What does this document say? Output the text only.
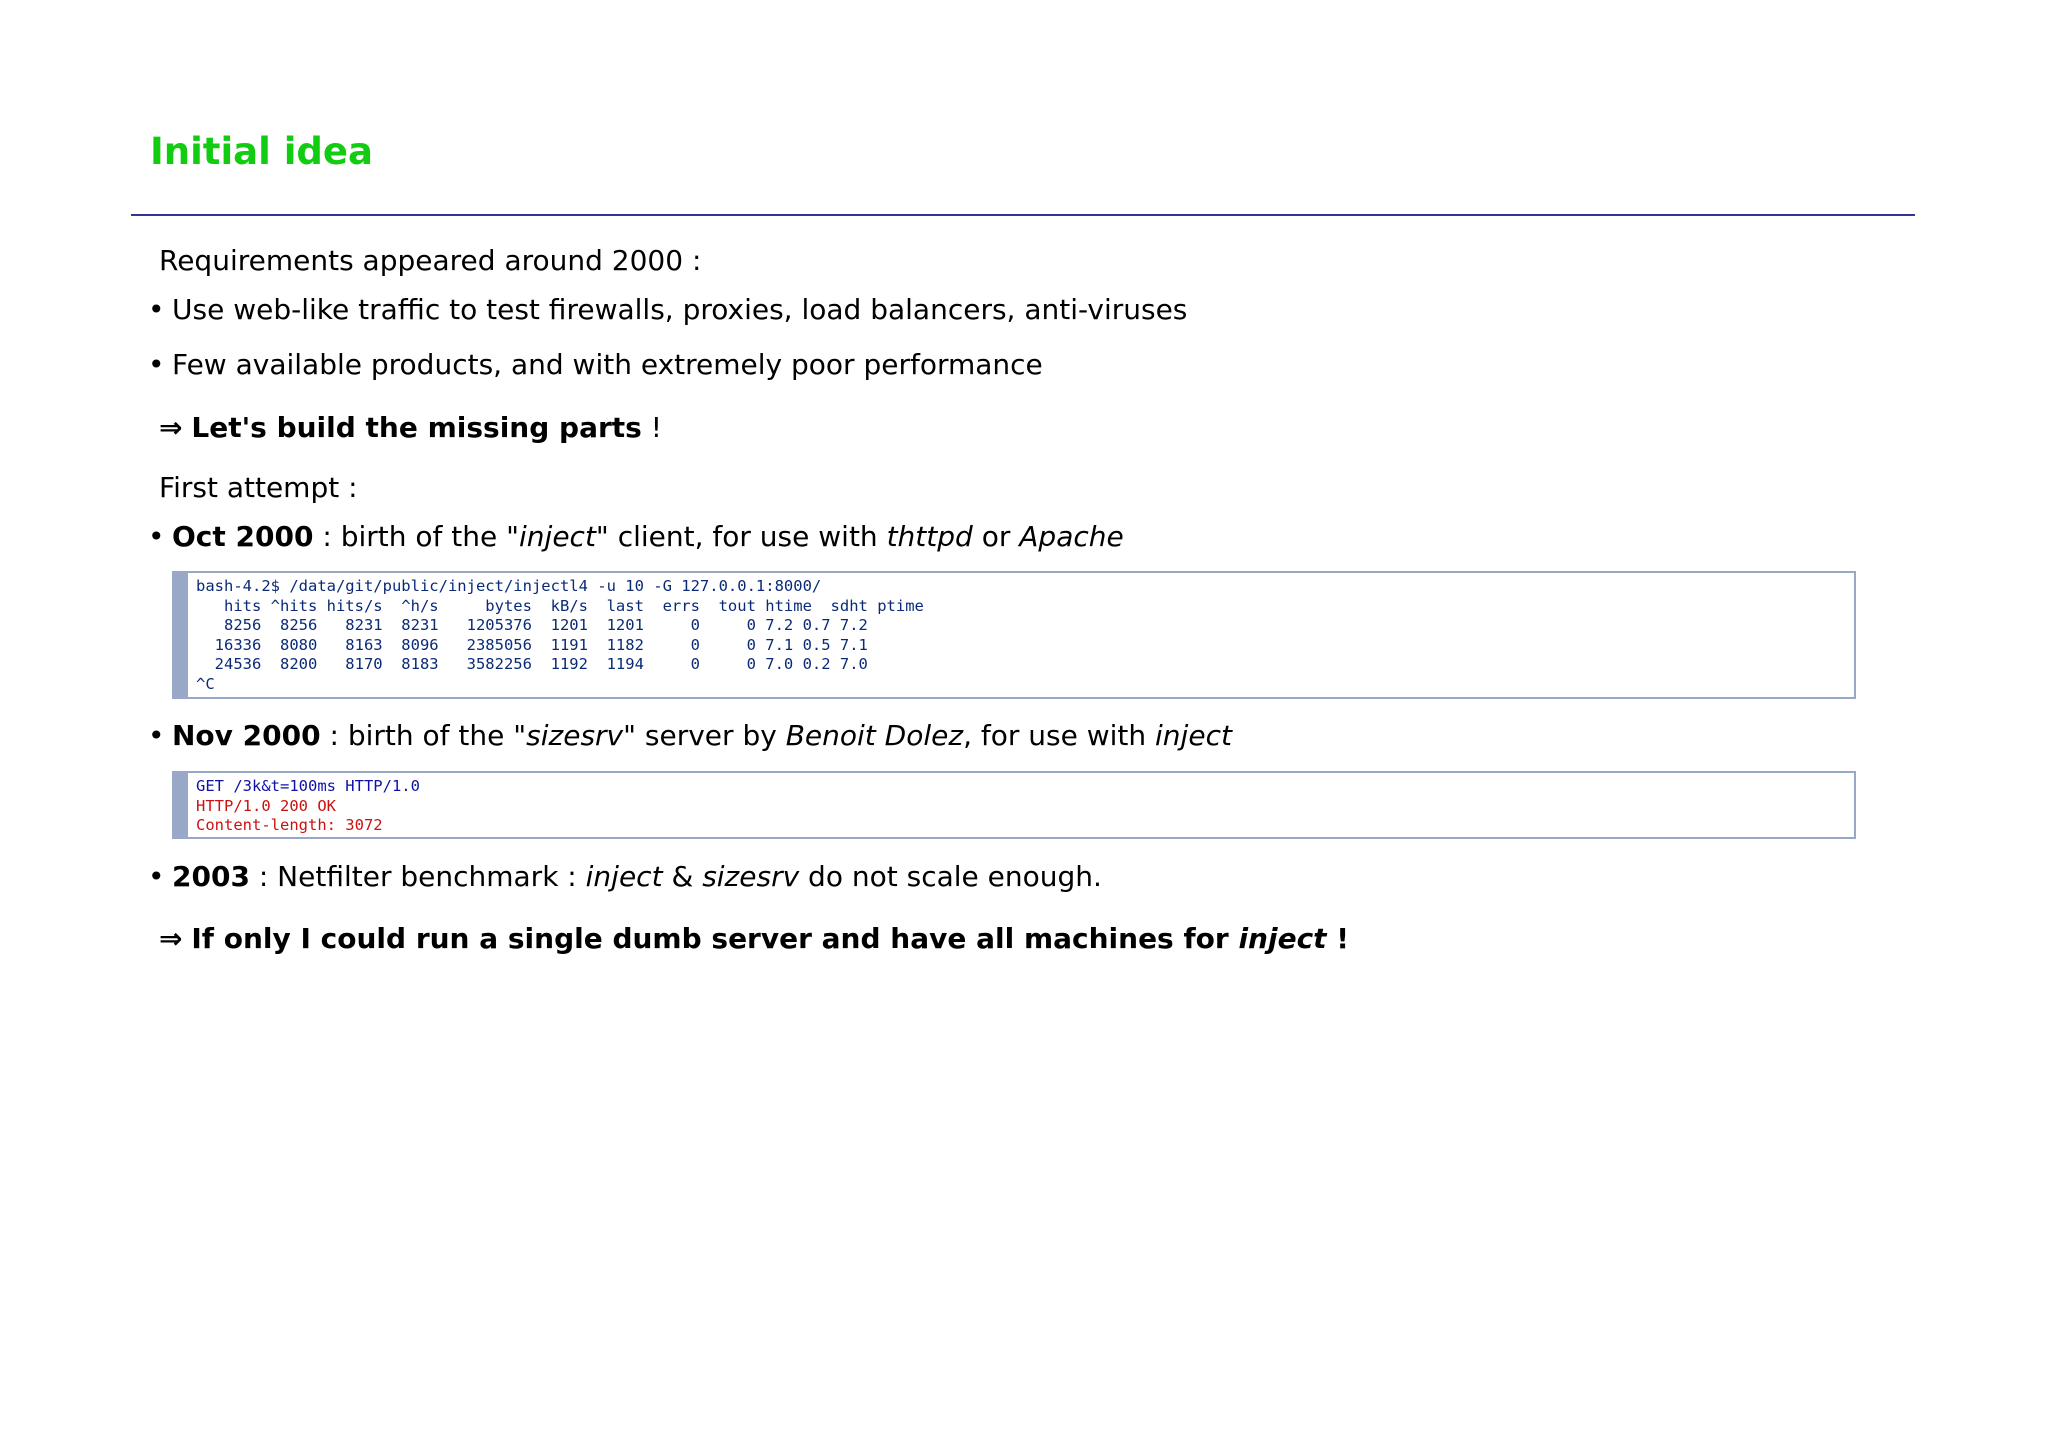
Initial idea

Requirements appeared around 2000 :

• Use web-like traffic to test firewalls, proxies, load balancers, anti-viruses

• Few available products, and with extremely poor performance

⇒ Let's build the missing parts !

First attempt :

• Oct 2000 : birth of the "inject" client, for use with thttpd or Apache

bash-4.2$ /data/git/public/inject/injectl4 -u 10 -G 127.0.0.1:8000/
hits ^hits hits/s  ^h/s     bytes  kB/s  last  errs  tout htime  sdht ptime
8256  8256   8231  8231   1205376  1201  1201     0     0 7.2 0.7 7.2
16336  8080   8163  8096   2385056  1191  1182     0     0 7.1 0.5 7.1
24536  8200   8170  8183   3582256  1192  1194     0     0 7.0 0.2 7.0
^C

• Nov 2000 : birth of the "sizesrv" server by Benoit Dolez, for use with inject

GET /3k&t=100ms HTTP/1.0
HTTP/1.0 200 OK
Content-length: 3072

• 2003 : Netfilter benchmark : inject & sizesrv do not scale enough.

⇒ If only I could run a single dumb server and have all machines for inject !
